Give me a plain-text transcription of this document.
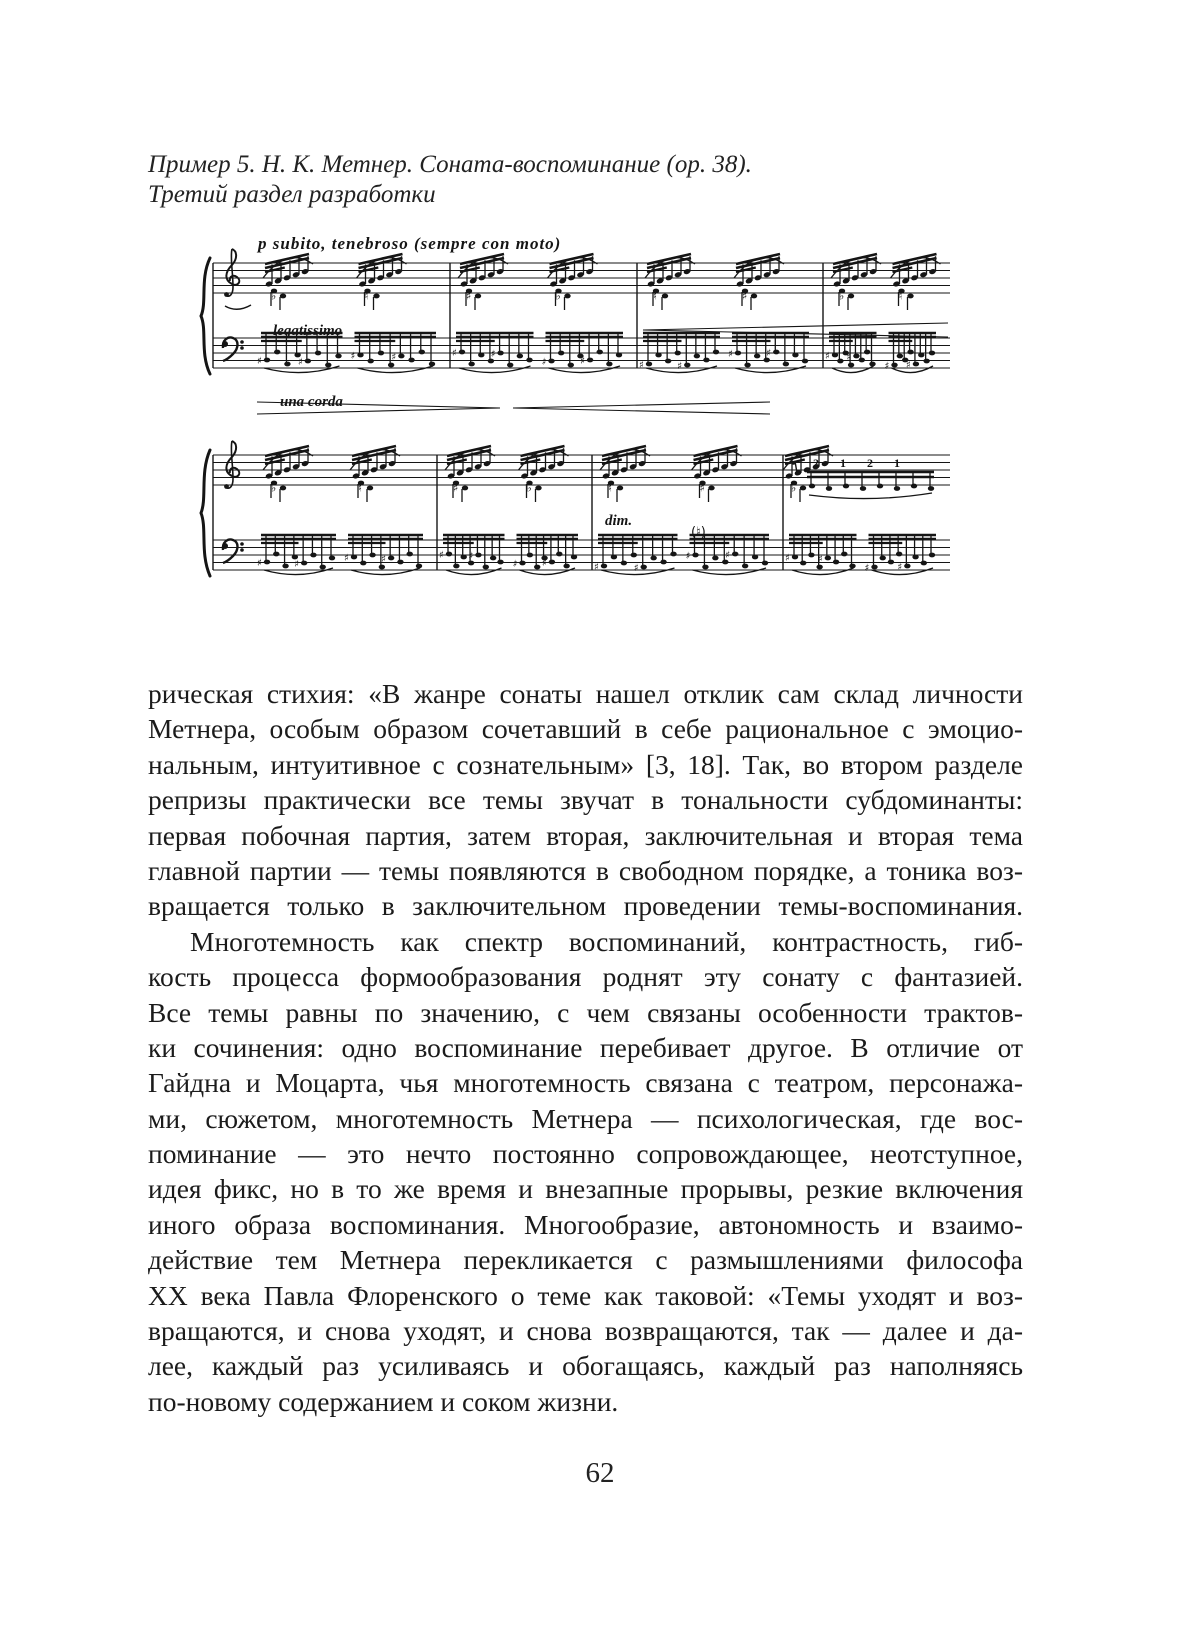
Пример 5. Н. К. Метнер. Соната-воспоминание (ор. 38).
Третий раздел разработки
♭	♮
♯	♯
♯	♯
♯	♭
♯	♯
♯	♯
♮	♯
♯	♯
♯	♯
♭	♮
♯ ♯
♯ ♯
♭	♮
♯	♯
♯	♯
♯	♭
♯ ♯
♯ ♯
♮	♯
♯	♯
♯	♯
♭
♯	♯
♯	♯
p subito, tenebroso (sempre con moto)
legatissimo
una corda
dim.
(♮)
2 1 2 1
рическая стихия: «В жанре сонаты нашел отклик сам склад личности
Метнера, особым образом сочетавший в себе рациональное с эмоцио-
нальным, интуитивное с сознательным» [3, 18]. Так, во втором разделе
репризы практически все темы звучат в тональности субдоминанты:
первая побочная партия, затем вторая, заключительная и вторая тема
главной партии — темы появляются в свободном порядке, а тоника воз-
вращается только в заключительном проведении темы-воспоминания.
Многотемность как спектр воспоминаний, контрастность, гиб-
кость процесса формообразования роднят эту сонату с фантазией.
Все темы равны по значению, с чем связаны особенности трактов-
ки сочинения: одно воспоминание перебивает другое. В отличие от
Гайдна и Моцарта, чья многотемность связана с театром, персонажа-
ми, сюжетом, многотемность Метнера — психологическая, где вос-
поминание — это нечто постоянно сопровождающее, неотступное,
идея фикс, но в то же время и внезапные прорывы, резкие включения
иного образа воспоминания. Многообразие, автономность и взаимо-
действие тем Метнера перекликается с размышлениями философа
XX века Павла Флоренского о теме как таковой: «Темы уходят и воз-
вращаются, и снова уходят, и снова возвращаются, так — далее и да-
лее, каждый раз усиливаясь и обогащаясь, каждый раз наполняясь
по-новому содержанием и соком жизни.
62
